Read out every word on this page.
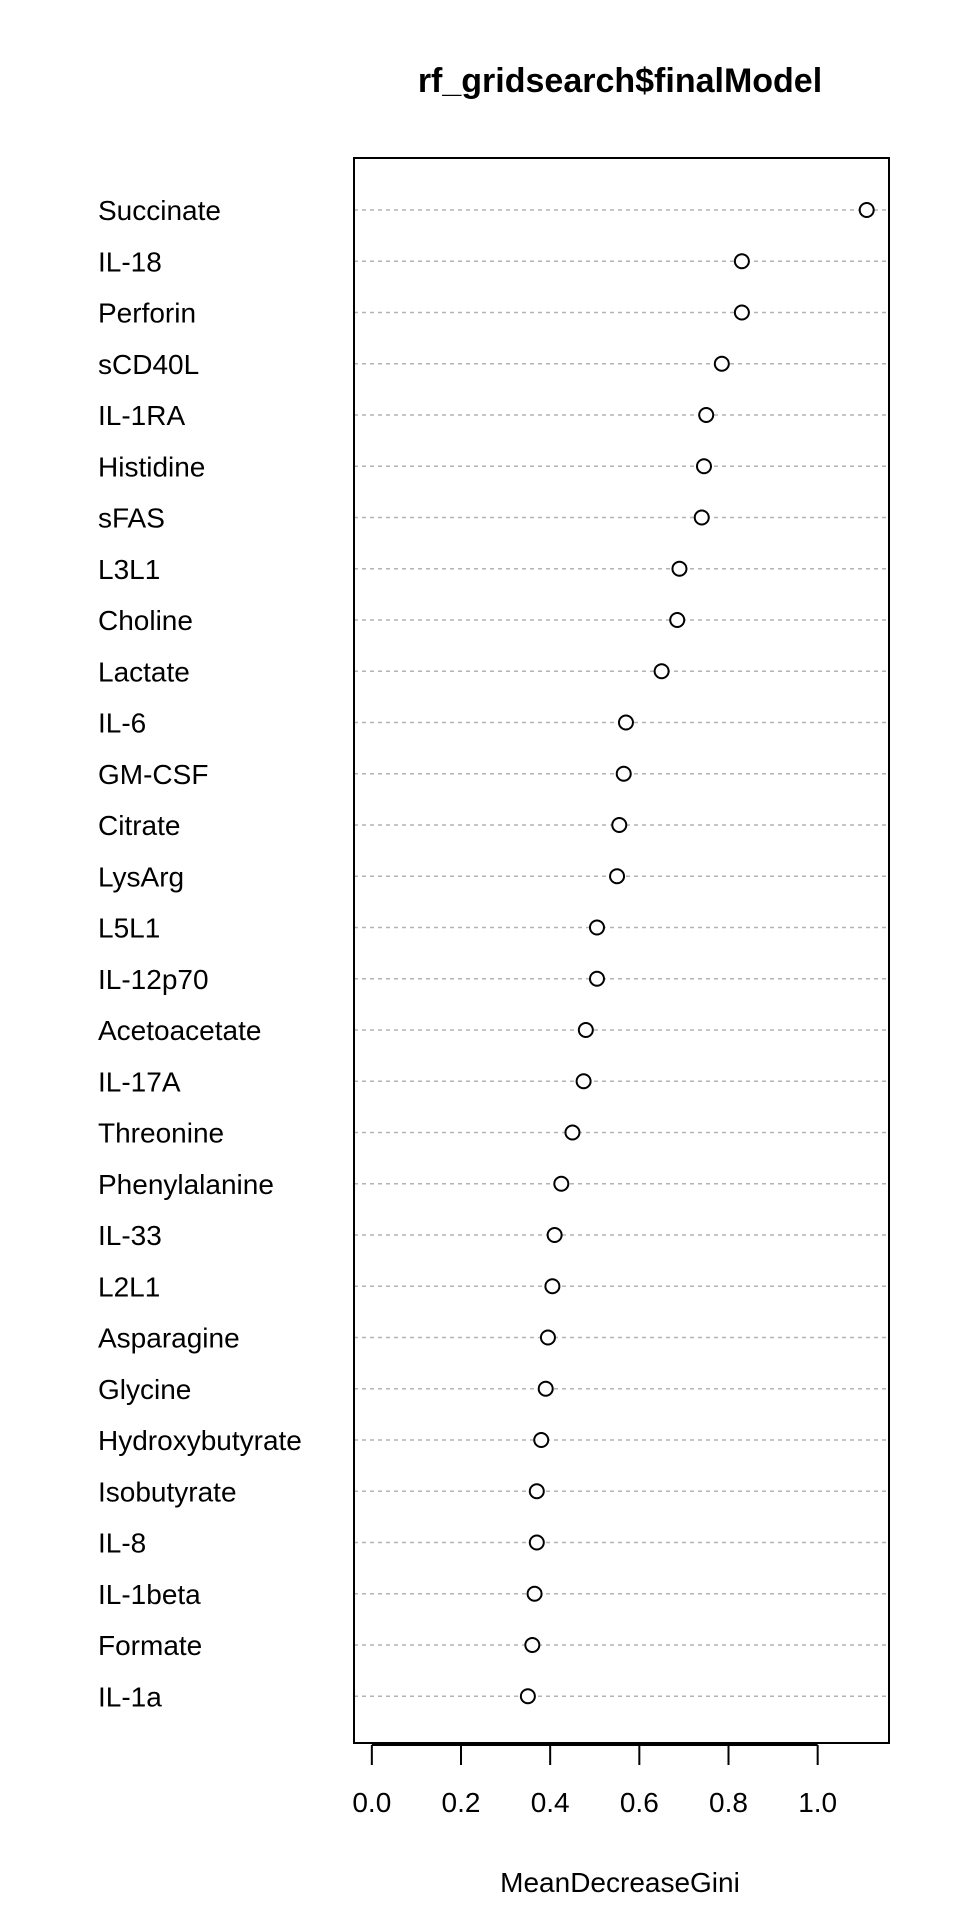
rf_gridsearch$finalModel
Succinate
IL-18
Perforin
sCD40L
IL-1RA
Histidine
sFAS
L3L1
Choline
Lactate
IL-6
GM-CSF
Citrate
LysArg
L5L1
IL-12p70
Acetoacetate
IL-17A
Threonine
Phenylalanine
IL-33
L2L1
Asparagine
Glycine
Hydroxybutyrate
Isobutyrate
IL-8
IL-1beta
Formate
IL-1a
0.0 0.2 0.4 0.6 0.8 1.0
MeanDecreaseGini
